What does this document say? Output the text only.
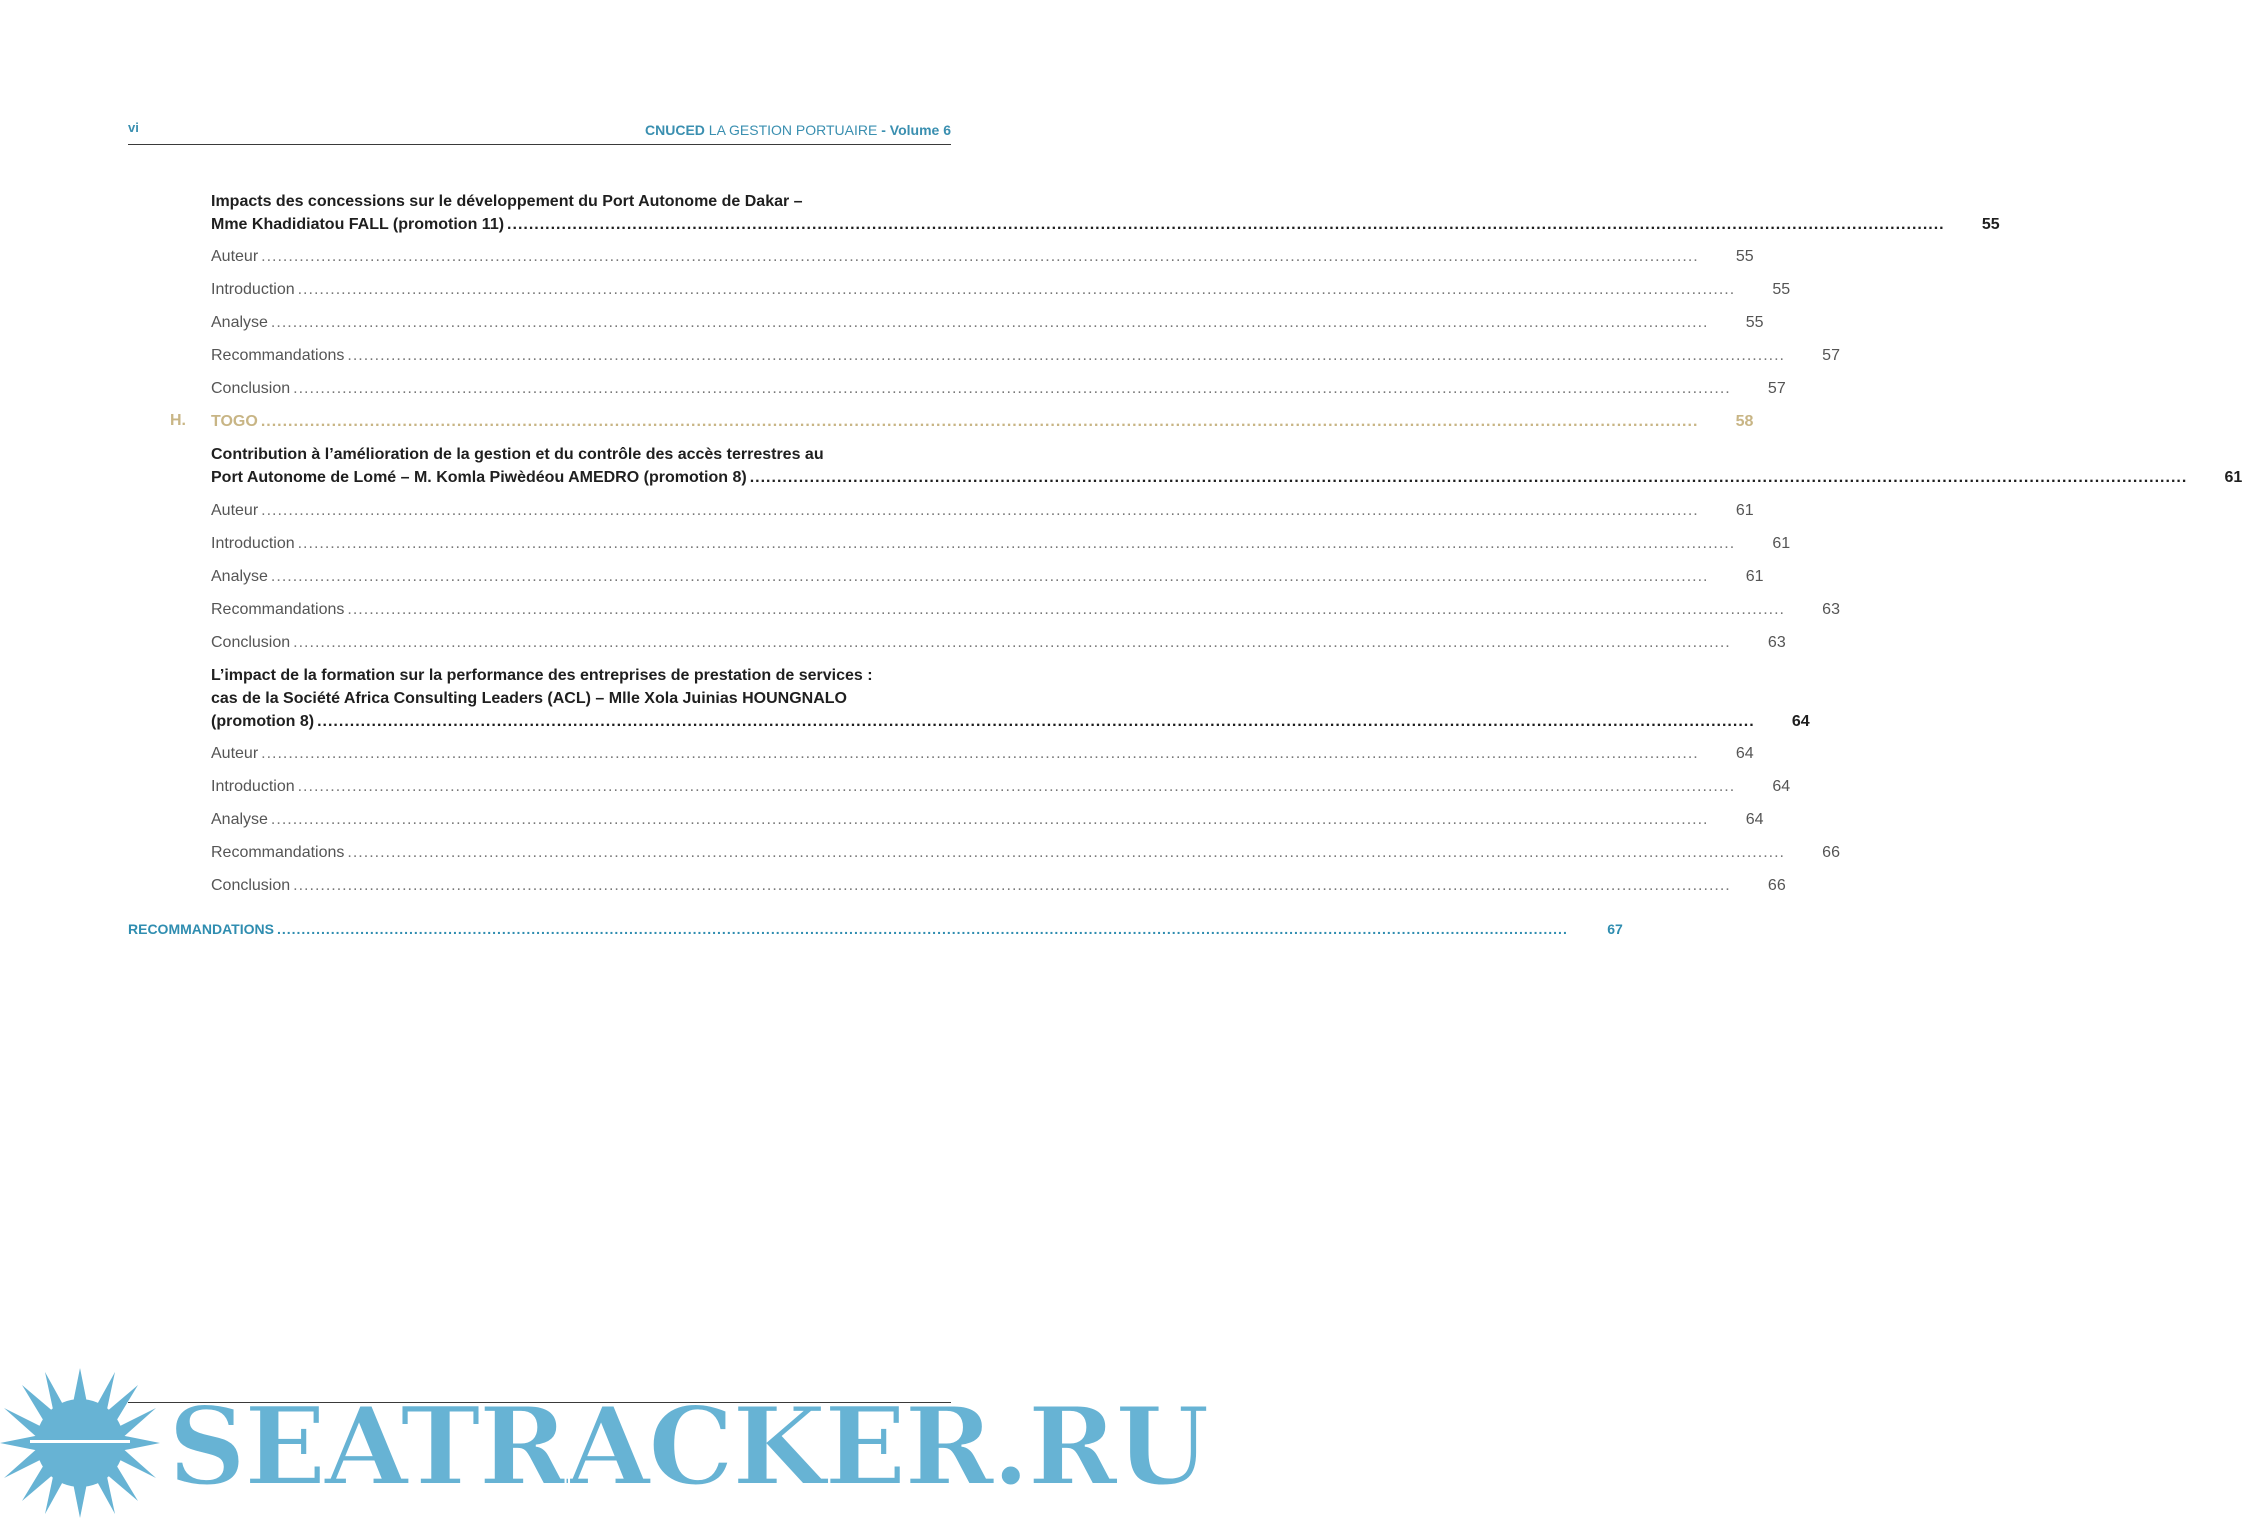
vi	CNUCED LA GESTION PORTUAIRE - Volume 6
Impacts des concessions sur le développement du Port Autonome de Dakar –
Mme Khadidiatou FALL (promotion 11) .....	55
Auteur .....	55
Introduction .....	55
Analyse .....	55
Recommandations .....	57
Conclusion .....	57
H. TOGO .....	58
Contribution à l’amélioration de la gestion et du contrôle des accès terrestres au
Port Autonome de Lomé – M. Komla Piwèdéou AMEDRO (promotion 8) .....	61
Auteur .....	61
Introduction .....	61
Analyse .....	61
Recommandations .....	63
Conclusion .....	63
L’impact de la formation sur la performance des entreprises de prestation de services :
cas de la Société Africa Consulting Leaders (ACL) – Mlle Xola Juinias HOUNGNALO
(promotion 8) .....	64
Auteur .....	64
Introduction .....	64
Analyse .....	64
Recommandations .....	66
Conclusion .....	66
RECOMMANDATIONS .....	67
SEATRACKER.RU
